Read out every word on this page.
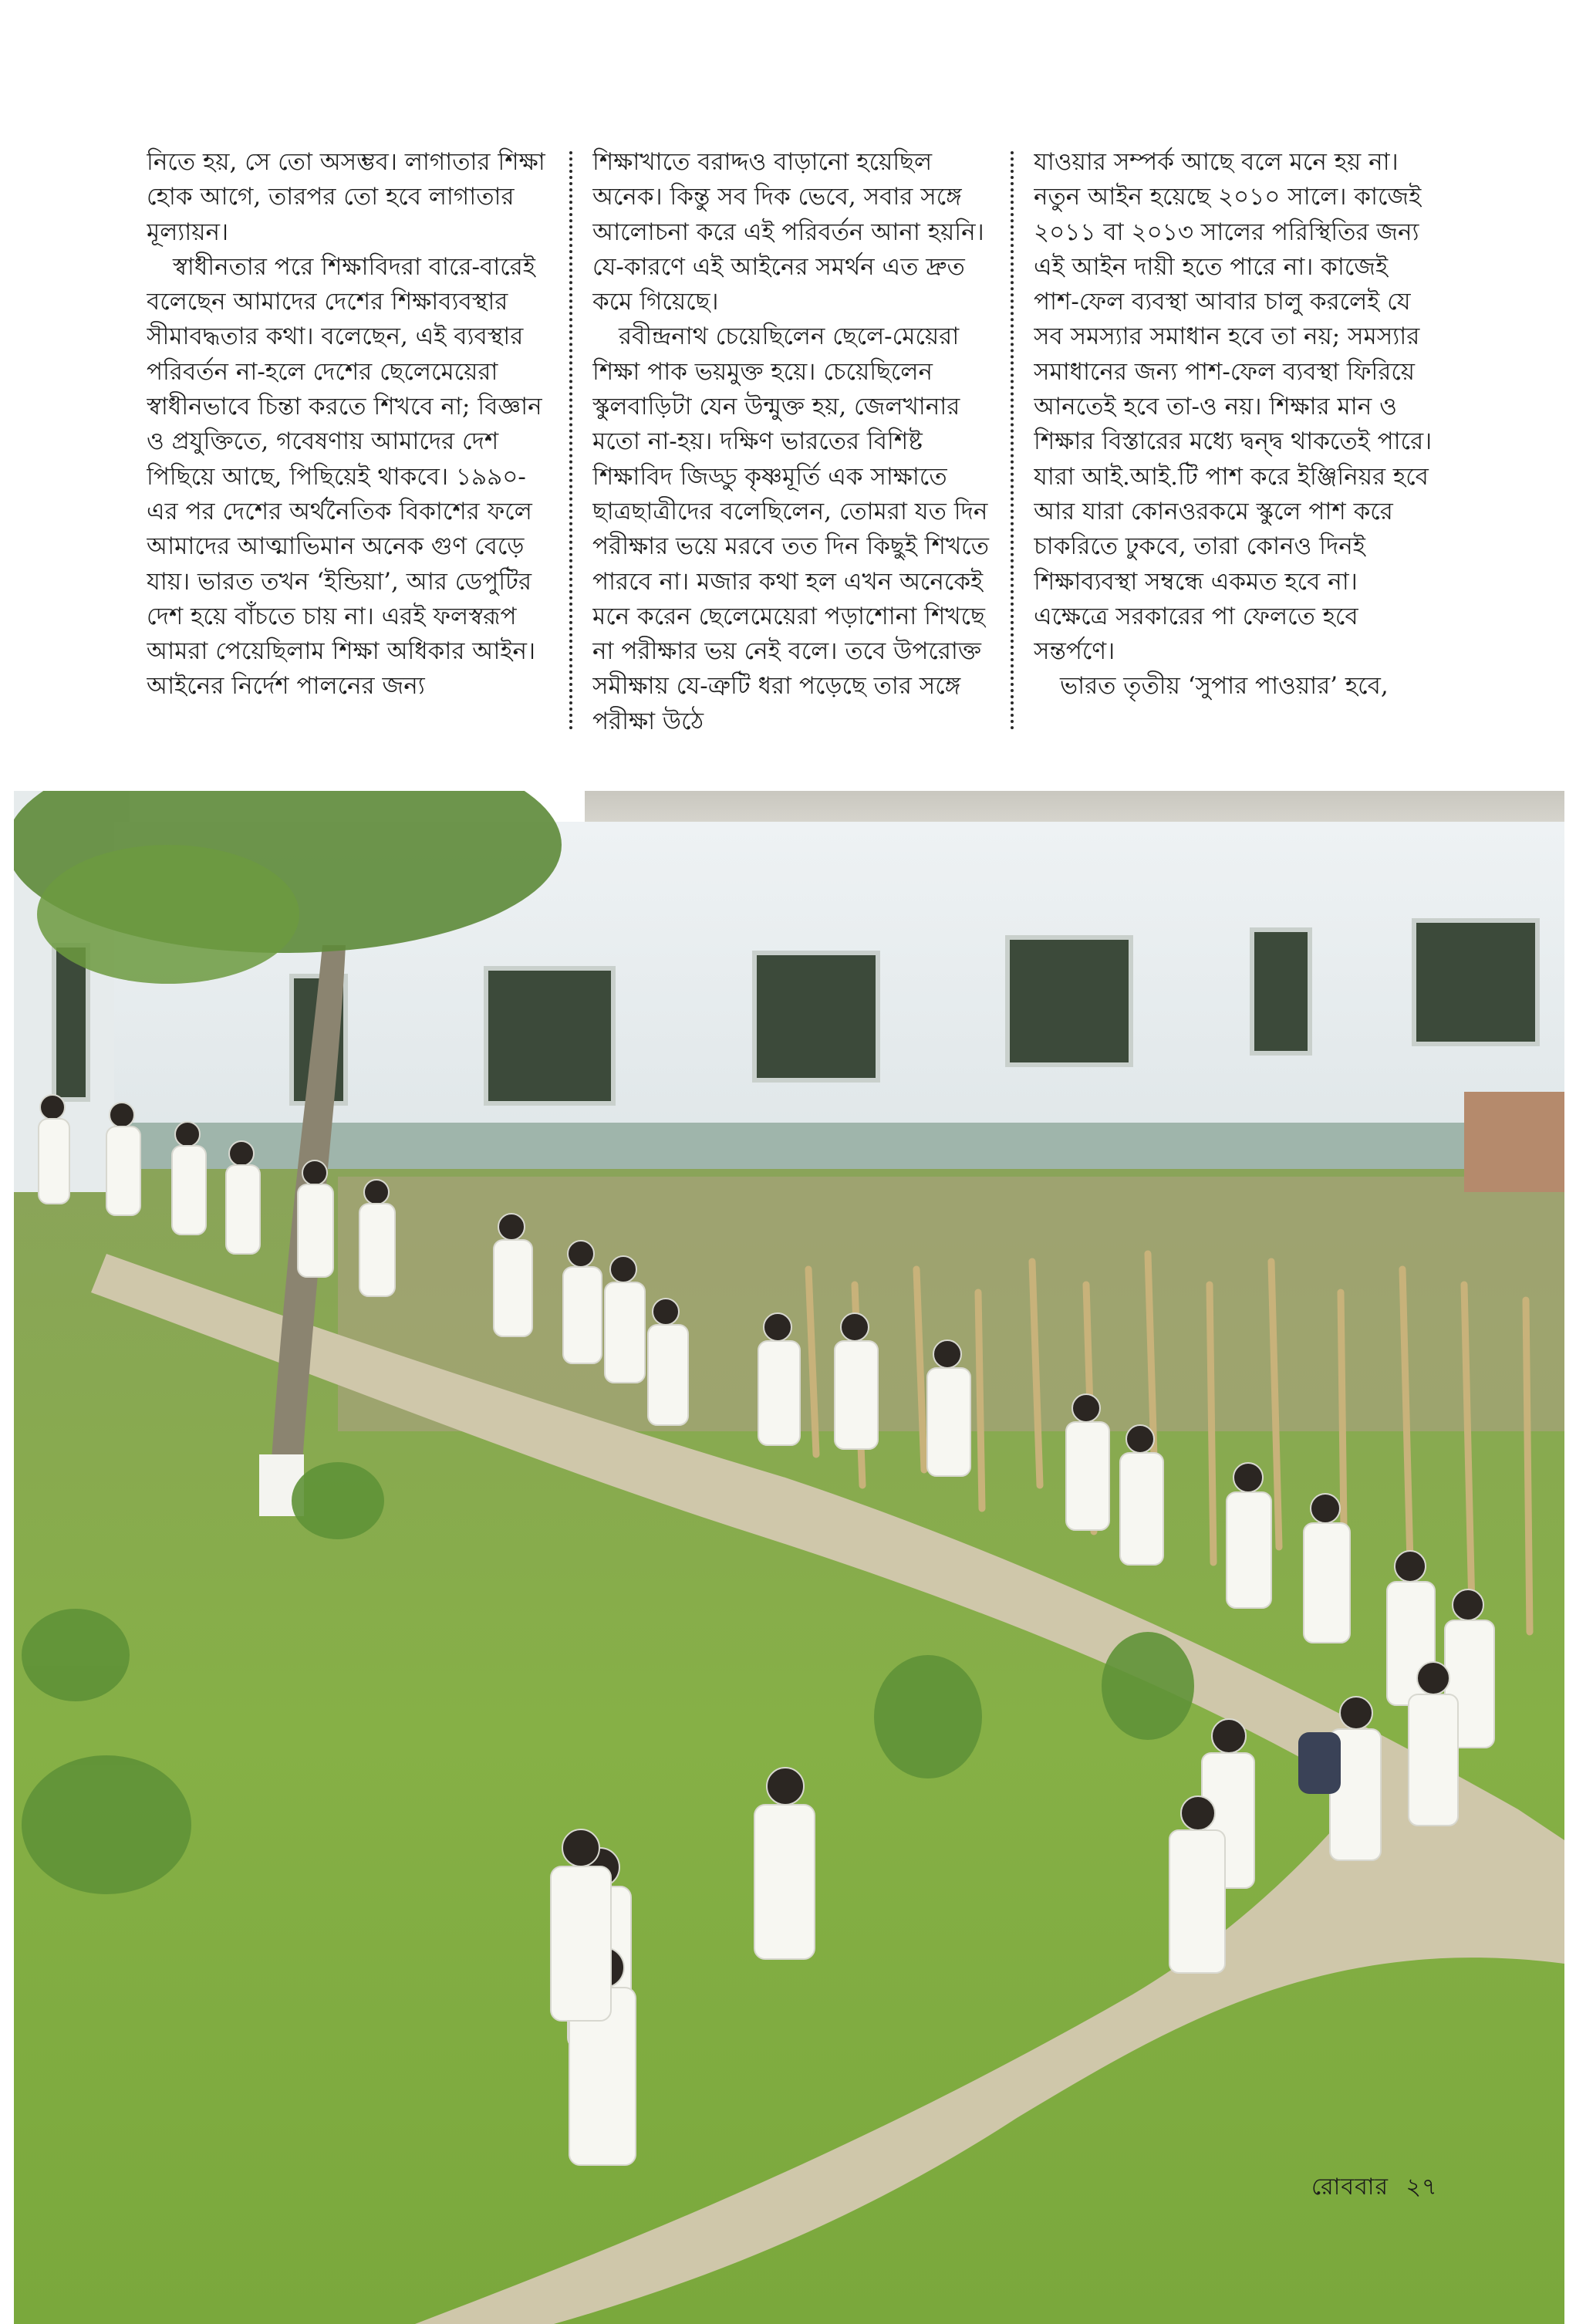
নিতে হয়, সে তো অসম্ভব। লাগাতার শিক্ষা হোক আগে, তারপর তো হবে লাগাতার মূল্যায়ন।

স্বাধীনতার পরে শিক্ষাবিদরা বারে-বারেই বলেছেন আমাদের দেশের শিক্ষাব্যবস্থার সীমাবদ্ধতার কথা। বলেছেন, এই ব্যবস্থার পরিবর্তন না-হলে দেশের ছেলেমেয়েরা স্বাধীনভাবে চিন্তা করতে শিখবে না; বিজ্ঞান ও প্রযুক্তিতে, গবেষণায় আমাদের দেশ পিছিয়ে আছে, পিছিয়েই থাকবে। ১৯৯০-এর পর দেশের অর্থনৈতিক বিকাশের ফলে আমাদের আত্মাভিমান অনেক গুণ বেড়ে যায়। ভারত তখন ‘ইন্ডিয়া’, আর ডেপুটির দেশ হয়ে বাঁচতে চায় না। এরই ফলস্বরূপ আমরা পেয়েছিলাম শিক্ষা অধিকার আইন। আইনের নির্দেশ পালনের জন্য

শিক্ষাখাতে বরাদ্দও বাড়ানো হয়েছিল অনেক। কিন্তু সব দিক ভেবে, সবার সঙ্গে আলোচনা করে এই পরিবর্তন আনা হয়নি। যে-কারণে এই আইনের সমর্থন এত দ্রুত কমে গিয়েছে।

রবীন্দ্রনাথ চেয়েছিলেন ছেলে-মেয়েরা শিক্ষা পাক ভয়মুক্ত হয়ে। চেয়েছিলেন স্কুলবাড়িটা যেন উন্মুক্ত হয়, জেলখানার মতো না-হয়। দক্ষিণ ভারতের বিশিষ্ট শিক্ষাবিদ জিড্ডু কৃষ্ণমূর্তি এক সাক্ষাতে ছাত্রছাত্রীদের বলেছিলেন, তোমরা যত দিন পরীক্ষার ভয়ে মরবে তত দিন কিছুই শিখতে পারবে না। মজার কথা হল এখন অনেকেই মনে করেন ছেলেমেয়েরা পড়াশোনা শিখছে না পরীক্ষার ভয় নেই বলে। তবে উপরোক্ত সমীক্ষায় যে-ত্রুটি ধরা পড়েছে তার সঙ্গে পরীক্ষা উঠে

যাওয়ার সম্পর্ক আছে বলে মনে হয় না। নতুন আইন হয়েছে ২০১০ সালে। কাজেই ২০১১ বা ২০১৩ সালের পরিস্থিতির জন্য এই আইন দায়ী হতে পারে না। কাজেই পাশ-ফেল ব্যবস্থা আবার চালু করলেই যে সব সমস্যার সমাধান হবে তা নয়; সমস্যার সমাধানের জন্য পাশ-ফেল ব্যবস্থা ফিরিয়ে আনতেই হবে তা-ও নয়। শিক্ষার মান ও শিক্ষার বিস্তারের মধ্যে দ্বন্দ্ব থাকতেই পারে। যারা আই.আই.টি পাশ করে ইঞ্জিনিয়র হবে আর যারা কোনওরকমে স্কুলে পাশ করে চাকরিতে ঢুকবে, তারা কোনও দিনই শিক্ষাব্যবস্থা সম্বন্ধে একমত হবে না। এক্ষেত্রে সরকারের পা ফেলতে হবে সন্তর্পণে।

ভারত তৃতীয় ‘সুপার পাওয়ার’ হবে,

রোববার ২৭
